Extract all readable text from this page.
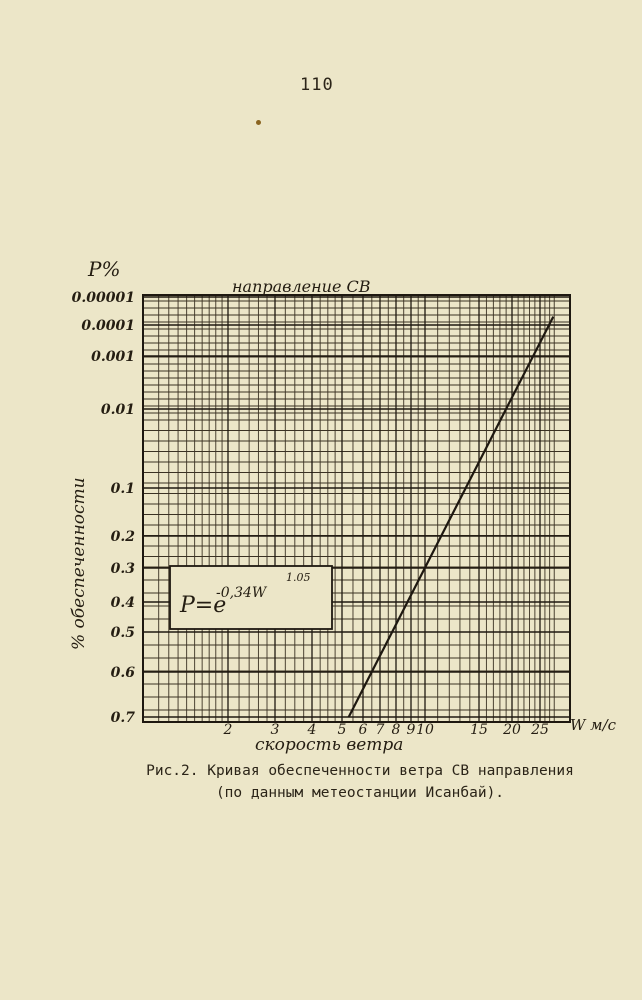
110
P=e
-0,34W
1.05
направление СВ
P%
% обеспеченности
W м/с
скорость ветра
0.00001
0.0001
0.001
0.01
0.1
0.2
0.3
0.4
0.5
0.6
0.7
2	3 4 5 6 7 8 9 10	15 20 25
Рис.2. Кривая обеспеченности ветра СВ направления
(по данным метеостанции Исанбай).
